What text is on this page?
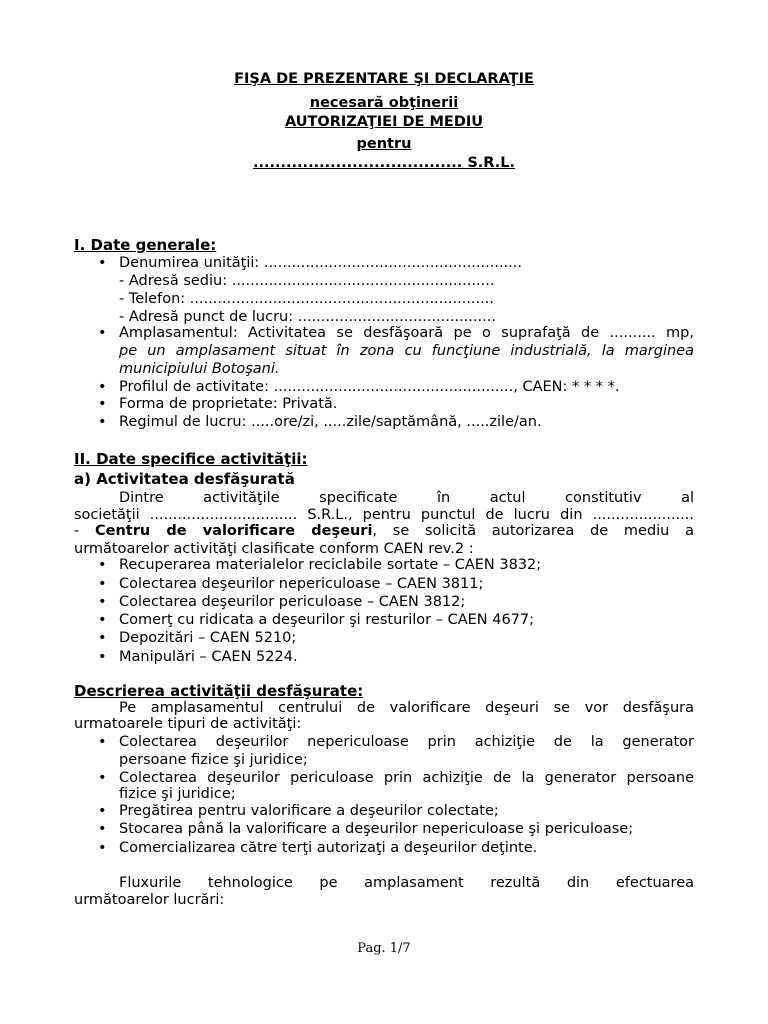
FIŞA DE PREZENTARE ŞI DECLARAŢIE
necesară obţinerii
AUTORIZAŢIEI DE MEDIU
pentru
...................................... S.R.L.
I. Date generale:
• Denumirea unităţii: ........................................................
- Adresă sediu: .........................................................
- Telefon: ..................................................................
- Adresă punct de lucru: ...........................................
• Amplasamentul: Activitatea se desfăşoară pe o suprafaţă de .......... mp,
pe un amplasament situat în zona cu funcţiune industrială, la marginea
municipiului Botoşani.
• Profilul de activitate: ...................................................., CAEN: * * * *.
• Forma de proprietate: Privată.
• Regimul de lucru: .....ore/zi, .....zile/saptămână, .....zile/an.
II. Date specifice activităţii:
a) Activitatea desfăşurată
Dintre activităţile specificate în actul constitutiv al
societăţii ................................ S.R.L., pentru punctul de lucru din ......................
- Centru de valorificare deşeuri, se solicită autorizarea de mediu a
următoarelor activităţi clasificate conform CAEN rev.2 :
• Recuperarea materialelor reciclabile sortate – CAEN 3832;
• Colectarea deşeurilor nepericuloase – CAEN 3811;
• Colectarea deşeurilor periculoase – CAEN 3812;
• Comerţ cu ridicata a deşeurilor şi resturilor – CAEN 4677;
• Depozitări – CAEN 5210;
• Manipulări – CAEN 5224.
Descrierea activităţii desfăşurate:
Pe amplasamentul centrului de valorificare deşeuri se vor desfăşura
urmatoarele tipuri de activităţi:
• Colectarea deşeurilor nepericuloase prin achiziţie de la generator
persoane fizice şi juridice;
• Colectarea deşeurilor periculoase prin achiziţie de la generator persoane
fizice şi juridice;
• Pregătirea pentru valorificare a deşeurilor colectate;
• Stocarea până la valorificare a deşeurilor nepericuloase şi periculoase;
• Comercializarea către terţi autorizaţi a deşeurilor deţinte.
Fluxurile tehnologice pe amplasament rezultă din efectuarea
următoarelor lucrări:
Pag. 1/7
